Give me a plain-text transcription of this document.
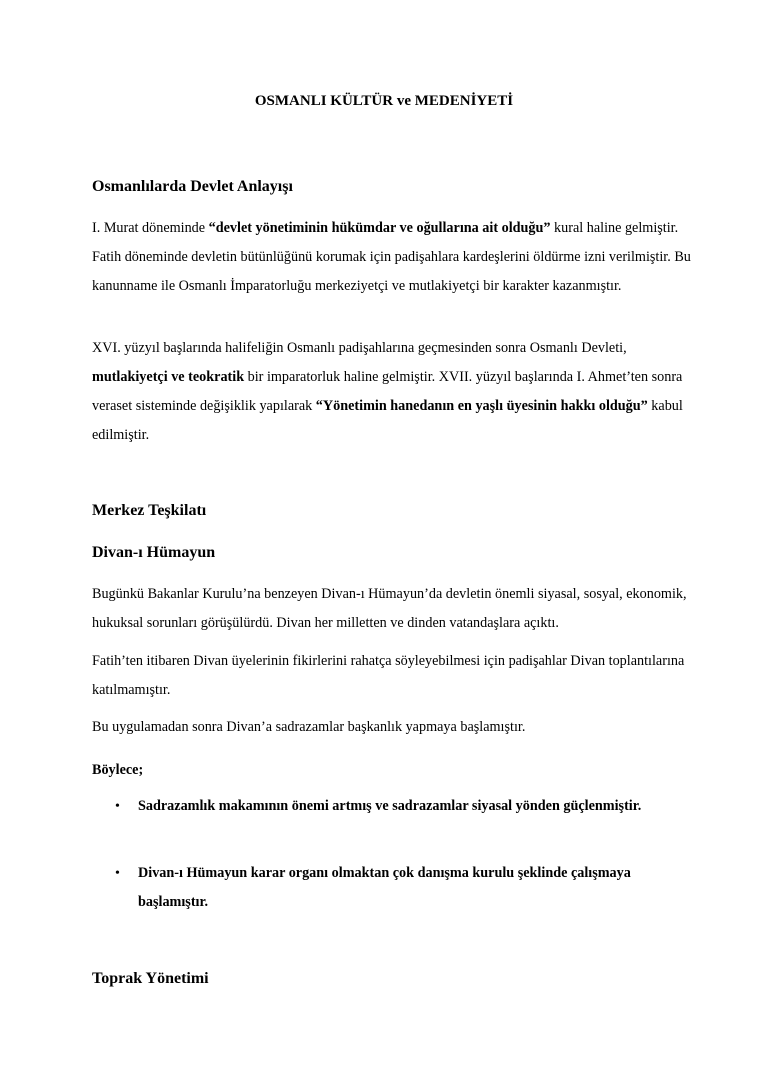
OSMANLI KÜLTÜR ve MEDENİYETİ
Osmanlılarda Devlet Anlayışı

I. Murat döneminde “devlet yönetiminin hükümdar ve oğullarına ait olduğu” kural haline gelmiştir. Fatih döneminde devletin bütünlüğünü korumak için padişahlara kardeşlerini öldürme izni verilmiştir. Bu kanunname ile Osmanlı İmparatorluğu merkeziyetçi ve mutlakiyetçi bir karakter kazanmıştır.

XVI. yüzyıl başlarında halifeliğin Osmanlı padişahlarına geçmesinden sonra Osmanlı Devleti, mutlakiyetçi ve teokratik bir imparatorluk haline gelmiştir. XVII. yüzyıl başlarında I. Ahmet’ten sonra veraset sisteminde değişiklik yapılarak “Yönetimin hanedanın en yaşlı üyesinin hakkı olduğu” kabul edilmiştir.

Merkez Teşkilatı
Divan-ı Hümayun

Bugünkü Bakanlar Kurulu’na benzeyen Divan-ı Hümayun’da devletin önemli siyasal, sosyal, ekonomik, hukuksal sorunları görüşülürdü. Divan her milletten ve dinden vatandaşlara açıktı.

Fatih’ten itibaren Divan üyelerinin fikirlerini rahatça söyleyebilmesi için padişahlar Divan toplantılarına katılmamıştır.

Bu uygulamadan sonra Divan’a sadrazamlar başkanlık yapmaya başlamıştır.

Böylece;
• Sadrazamlık makamının önemi artmış ve sadrazamlar siyasal yönden güçlenmiştir.
• Divan-ı Hümayun karar organı olmaktan çok danışma kurulu şeklinde çalışmaya başlamıştır.
Toprak Yönetimi
